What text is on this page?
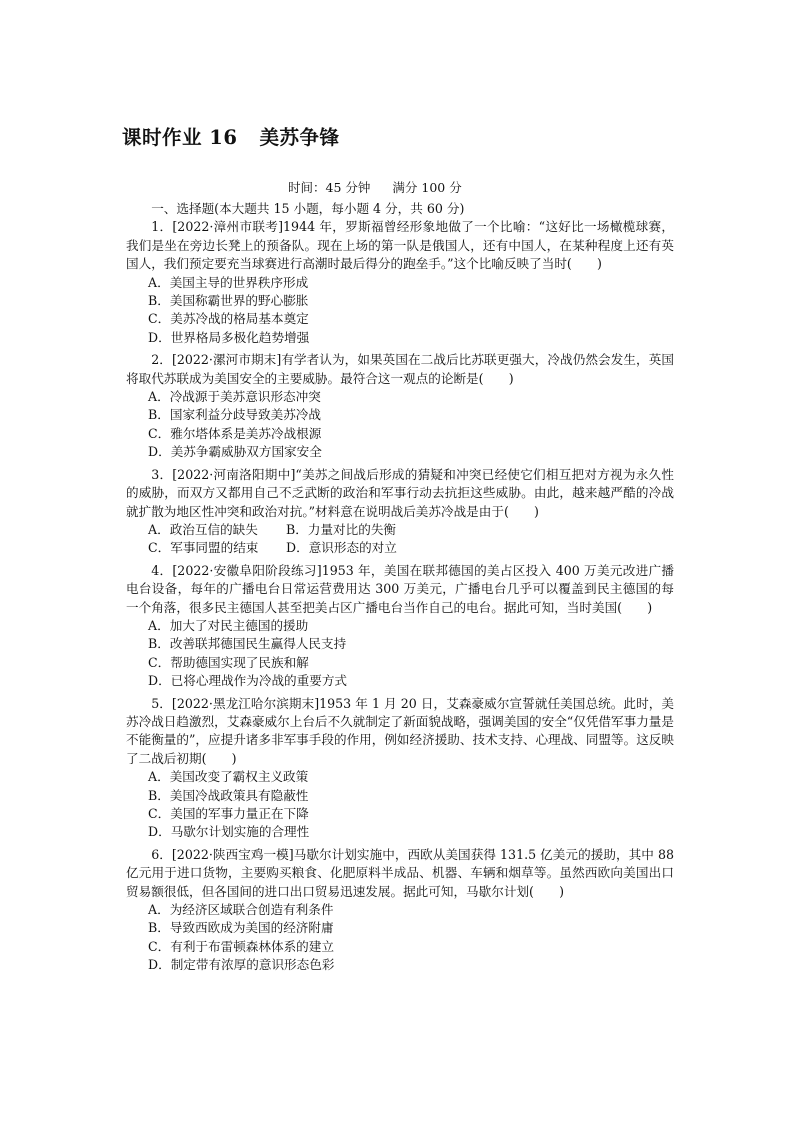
课时作业 16 美苏争锋
时间：45 分钟 满分 100 分

一、选择题(本大题共 15 小题，每小题 4 分，共 60 分)

1．[2022·漳州市联考]1944 年，罗斯福曾经形象地做了一个比喻：“这好比一场橄榄球赛，我们是坐在旁边长凳上的预备队。现在上场的第一队是俄国人，还有中国人，在某种程度上还有英国人，我们预定要充当球赛进行高潮时最后得分的跑垒手。”这个比喻反映了当时(　　)

A．美国主导的世界秩序形成

B．美国称霸世界的野心膨胀

C．美苏冷战的格局基本奠定

D．世界格局多极化趋势增强

2．[2022·漯河市期末]有学者认为，如果英国在二战后比苏联更强大，冷战仍然会发生，英国将取代苏联成为美国安全的主要威胁。最符合这一观点的论断是(　　)

A．冷战源于美苏意识形态冲突

B．国家利益分歧导致美苏冷战

C．雅尔塔体系是美苏冷战根源

D．美苏争霸威胁双方国家安全

3．[2022·河南洛阳期中]“美苏之间战后形成的猜疑和冲突已经使它们相互把对方视为永久性的威胁，而双方又都用自己不乏武断的政治和军事行动去抗拒这些威胁。由此，越来越严酷的冷战就扩散为地区性冲突和政治对抗。”材料意在说明战后美苏冷战是由于(　　)

A．政治互信的缺失 B．力量对比的失衡

C．军事同盟的结束 D．意识形态的对立

4．[2022·安徽阜阳阶段练习]1953 年，美国在联邦德国的美占区投入 400 万美元改进广播电台设备，每年的广播电台日常运营费用达 300 万美元，广播电台几乎可以覆盖到民主德国的每一个角落，很多民主德国人甚至把美占区广播电台当作自己的电台。据此可知，当时美国(　　)

A．加大了对民主德国的援助

B．改善联邦德国民生赢得人民支持

C．帮助德国实现了民族和解

D．已将心理战作为冷战的重要方式

5．[2022·黑龙江哈尔滨期末]1953 年 1 月 20 日，艾森豪威尔宣誓就任美国总统。此时，美苏冷战日趋激烈，艾森豪威尔上台后不久就制定了新面貌战略，强调美国的安全“仅凭借军事力量是不能衡量的”，应提升诸多非军事手段的作用，例如经济援助、技术支持、心理战、同盟等。这反映了二战后初期(　　)

A．美国改变了霸权主义政策

B．美国冷战政策具有隐蔽性

C．美国的军事力量正在下降

D．马歇尔计划实施的合理性

6．[2022·陕西宝鸡一模]马歇尔计划实施中，西欧从美国获得 131.5 亿美元的援助，其中 88 亿元用于进口货物，主要购买粮食、化肥原料半成品、机器、车辆和烟草等。虽然西欧向美国出口贸易额很低，但各国间的进口出口贸易迅速发展。据此可知，马歇尔计划(　　)

A．为经济区域联合创造有利条件

B．导致西欧成为美国的经济附庸

C．有利于布雷顿森林体系的建立

D．制定带有浓厚的意识形态色彩
